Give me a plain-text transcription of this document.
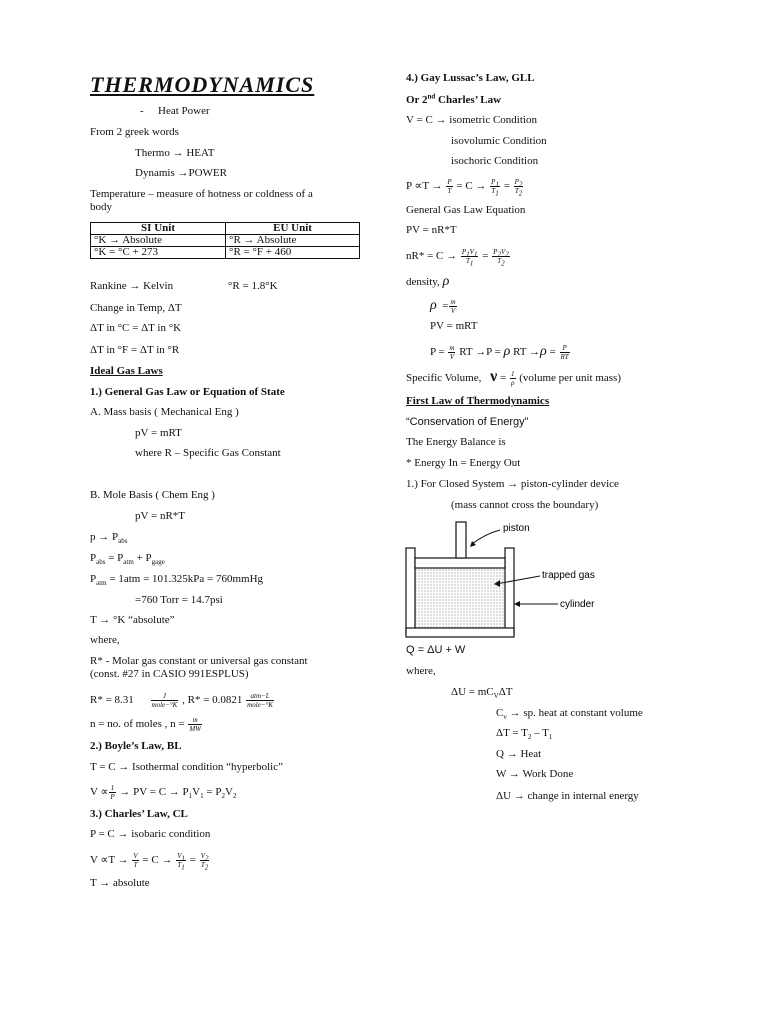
THERMODYNAMICS
- Heat Power
From 2 greek words
Thermo → HEAT
Dynamis →POWER
Temperature – measure of hotness or coldness of a
body
SI Unit	EU Unit
°K → Absolute	°R → Absolute
°K = °C + 273	°R = °F + 460
Rankine → Kelvin	°R = 1.8°K
Change in Temp, ΔT
ΔT in °C = ΔT in °K
ΔT in °F = ΔT in °R
Ideal Gas Laws
1.) General Gas Law or Equation of State
A. Mass basis ( Mechanical Eng )
pV = mRT
where R – Specific Gas Constant
B. Mole Basis ( Chem Eng )
pV = nR*T
$p \to P_{abs}$
$P_{abs} = P_{atm} + P_{gage}$
$P_{atm} = 1atm = 101.325kPa$ = 760mmHg
=760 Torr = 14.7psi
T → °K “absolute”
where,
R* - Molar gas constant or universal gas constant
(const. #27 in CASIO 991ESPLUS)
$R* = 8.31 \frac{J}{\text{mole−°K}}$ , $R* = 0.0821 \frac{\text{atm−L}}{\text{mole−°K}}$
n = no. of moles , $n = \frac{m}{MW}$
2.) Boyle’s Law, BL
T = C → Isothermal condition “hyperbolic”
$V \propto \frac{1}{P}$ → PV = $C \to P_1V_1 = P_2V_2$
3.) Charles’ Law, CL
P = C → isobaric condition
$V \propto T \to \frac{V}{T} = C \to \frac{V_1}{T_1} = \frac{V_2}{T_2}$
T → absolute
4.) Gay Lussac’s Law, GLL
Or 2nd Charles’ Law
V = C → isometric Condition
isovolumic Condition
isochoric Condition
$P \propto T \to \frac{P}{T} = C \to \frac{P_1}{T_1} = \frac{P_2}{T_2}$
General Gas Law Equation
PV = nR*T
$nR* = C \to \frac{P_1V_1}{T_1} = \frac{P_2V_2}{T_2}$
density, ρ
$\rho = \frac{m}{V}$
PV = mRT
$P = \frac{m}{V}$ RT →P = ρ RT $\to\rho = \frac{P}{RT}$
Specific Volume, $\nu = \frac{1}{\rho}$ (volume per unit mass)
First Law of Thermodynamics
“Conservation of Energy”
The Energy Balance is
* Energy In = Energy Out
1.) For Closed System → piston-cylinder device
(mass cannot cross the boundary)
piston
trapped gas
cylinder
Q = ΔU + W
where,
$\Delta U = mC_V\Delta T$
$C_v$ → sp. heat at constant volume
$\Delta T = T_2 - T_1$
Q → Heat
W → Work Done
ΔU → change in internal energy
